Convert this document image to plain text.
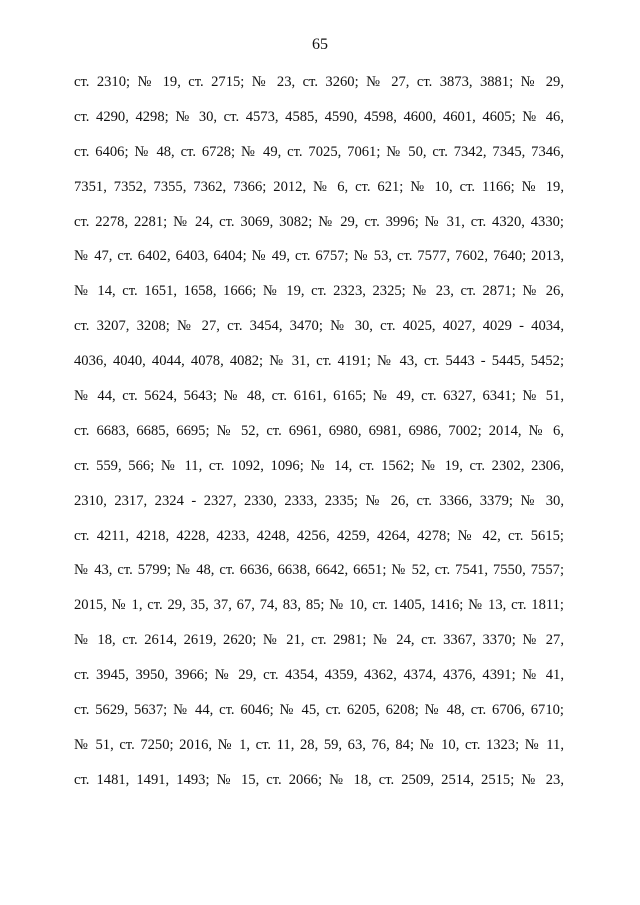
65
ст. 2310; № 19, ст. 2715; № 23, ст. 3260; № 27, ст. 3873, 3881; № 29,
ст. 4290, 4298; № 30, ст. 4573, 4585, 4590, 4598, 4600, 4601, 4605; № 46,
ст. 6406; № 48, ст. 6728; № 49, ст. 7025, 7061; № 50, ст. 7342, 7345, 7346,
7351, 7352, 7355, 7362, 7366; 2012, № 6, ст. 621; № 10, ст. 1166; № 19,
ст. 2278, 2281; № 24, ст. 3069, 3082; № 29, ст. 3996; № 31, ст. 4320, 4330;
№ 47, ст. 6402, 6403, 6404; № 49, ст. 6757; № 53, ст. 7577, 7602, 7640; 2013,
№ 14, ст. 1651, 1658, 1666; № 19, ст. 2323, 2325; № 23, ст. 2871; № 26,
ст. 3207, 3208; № 27, ст. 3454, 3470; № 30, ст. 4025, 4027, 4029 - 4034,
4036, 4040, 4044, 4078, 4082; № 31, ст. 4191; № 43, ст. 5443 - 5445, 5452;
№ 44, ст. 5624, 5643; № 48, ст. 6161, 6165; № 49, ст. 6327, 6341; № 51,
ст. 6683, 6685, 6695; № 52, ст. 6961, 6980, 6981, 6986, 7002; 2014, № 6,
ст. 559, 566; № 11, ст. 1092, 1096; № 14, ст. 1562; № 19, ст. 2302, 2306,
2310, 2317, 2324 - 2327, 2330, 2333, 2335; № 26, ст. 3366, 3379; № 30,
ст. 4211, 4218, 4228, 4233, 4248, 4256, 4259, 4264, 4278; № 42, ст. 5615;
№ 43, ст. 5799; № 48, ст. 6636, 6638, 6642, 6651; № 52, ст. 7541, 7550, 7557;
2015, № 1, ст. 29, 35, 37, 67, 74, 83, 85; № 10, ст. 1405, 1416; № 13, ст. 1811;
№ 18, ст. 2614, 2619, 2620; № 21, ст. 2981; № 24, ст. 3367, 3370; № 27,
ст. 3945, 3950, 3966; № 29, ст. 4354, 4359, 4362, 4374, 4376, 4391; № 41,
ст. 5629, 5637; № 44, ст. 6046; № 45, ст. 6205, 6208; № 48, ст. 6706, 6710;
№ 51, ст. 7250; 2016, № 1, ст. 11, 28, 59, 63, 76, 84; № 10, ст. 1323; № 11,
ст. 1481, 1491, 1493; № 15, ст. 2066; № 18, ст. 2509, 2514, 2515; № 23,
